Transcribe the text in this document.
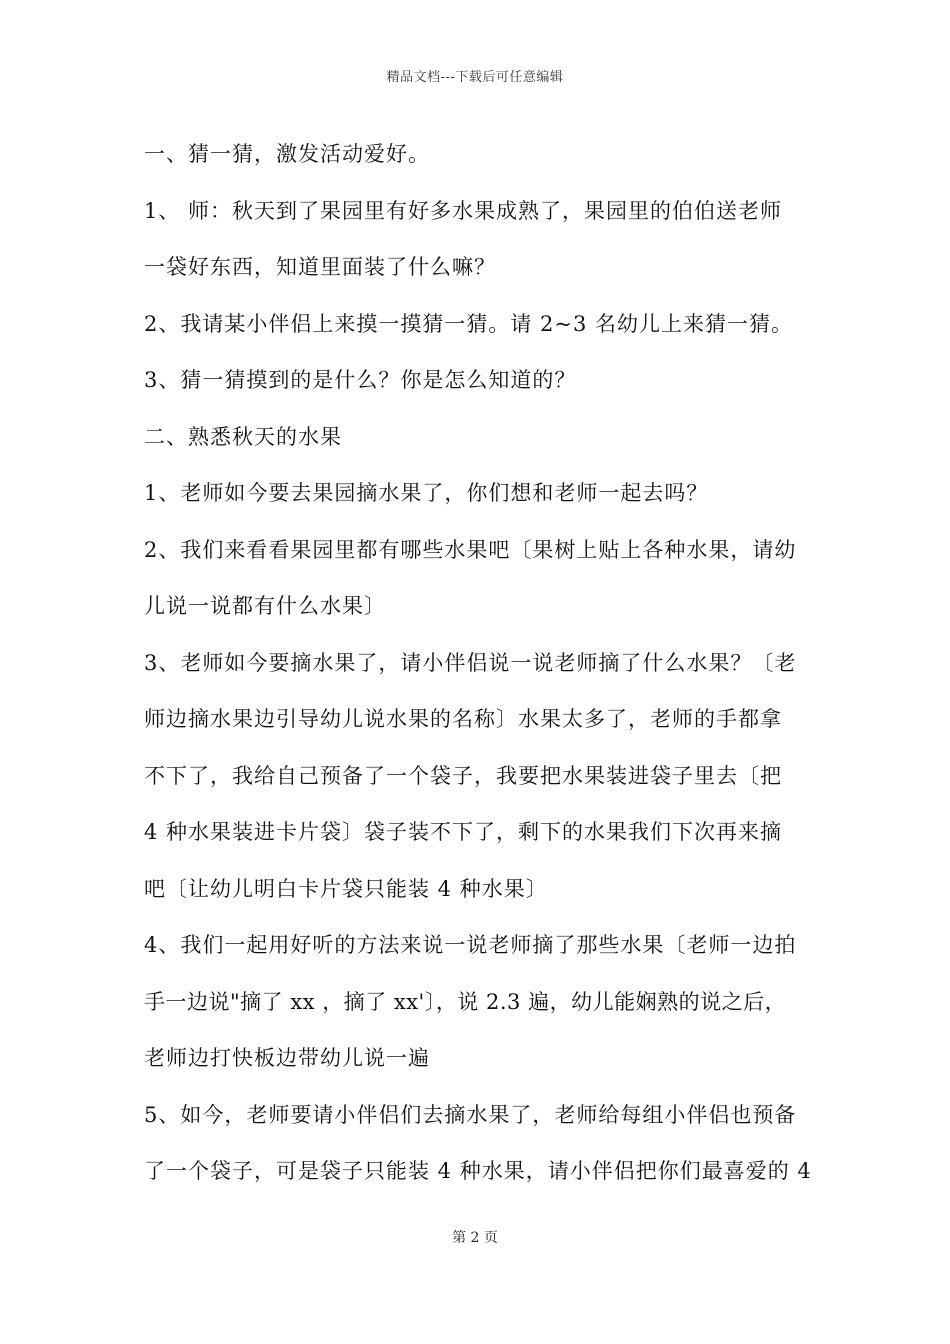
精品文档---下载后可任意编辑
一、猜一猜，激发活动爱好。
1、 师：秋天到了果园里有好多水果成熟了，果园里的伯伯送老师
一袋好东西，知道里面装了什么嘛？
2、我请某小伴侣上来摸一摸猜一猜。请 2~3 名幼儿上来猜一猜。
3、猜一猜摸到的是什么？你是怎么知道的？
二、熟悉秋天的水果
1、老师如今要去果园摘水果了，你们想和老师一起去吗？
2、我们来看看果园里都有哪些水果吧〔果树上贴上各种水果，请幼
儿说一说都有什么水果〕
3、老师如今要摘水果了，请小伴侣说一说老师摘了什么水果？〔老
师边摘水果边引导幼儿说水果的名称〕水果太多了，老师的手都拿
不下了，我给自己预备了一个袋子，我要把水果装进袋子里去〔把
4 种水果装进卡片袋〕袋子装不下了，剩下的水果我们下次再来摘
吧〔让幼儿明白卡片袋只能装 4 种水果〕
4、我们一起用好听的方法来说一说老师摘了那些水果〔老师一边拍
手一边说"摘了 xx ，摘了 xx'〕，说 2.3 遍，幼儿能娴熟的说之后，
老师边打快板边带幼儿说一遍
5、如今，老师要请小伴侣们去摘水果了，老师给每组小伴侣也预备
了一个袋子，可是袋子只能装 4 种水果，请小伴侣把你们最喜爱的 4
第 2 页
